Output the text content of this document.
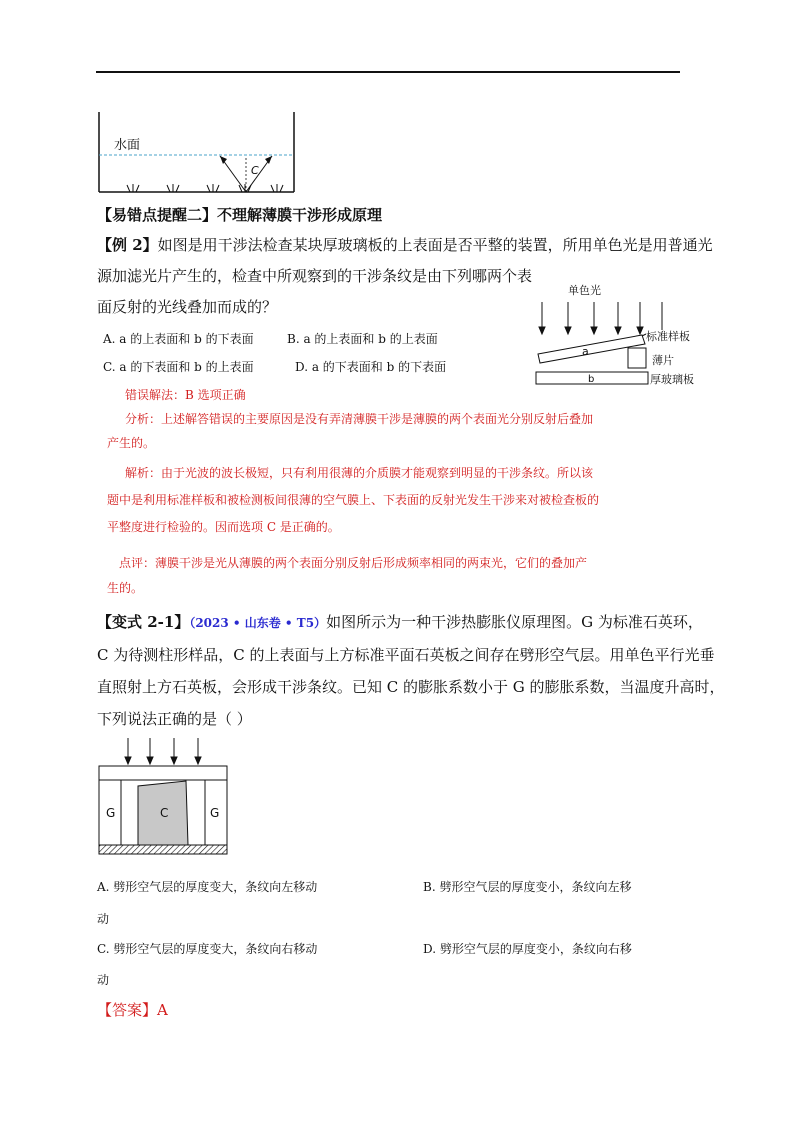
水面
C
【易错点提醒二】不理解薄膜干涉形成原理
【例 2】如图是用干涉法检查某块厚玻璃板的上表面是否平整的装置，所用单色光是用普通光
源加滤光片产生的，检查中所观察到的干涉条纹是由下列哪两个表
面反射的光线叠加而成的？
A. a 的上表面和 b 的下表面	B. a 的上表面和 b 的上表面
C. a 的下表面和 b 的上表面	D. a 的下表面和 b 的下表面
单色光
a
b
标准样板
薄片
厚玻璃板
错误解法：B 选项正确
分析：上述解答错误的主要原因是没有弄清薄膜干涉是薄膜的两个表面光分别反射后叠加
产生的。
解析：由于光波的波长极短，只有利用很薄的介质膜才能观察到明显的干涉条纹。所以该
题中是利用标准样板和被检测板间很薄的空气膜上、下表面的反射光发生干涉来对被检查板的
平整度进行检验的。因而选项 C 是正确的。
点评：薄膜干涉是光从薄膜的两个表面分别反射后形成频率相同的两束光，它们的叠加产
生的。
【变式 2-1】（2023 • 山东卷 • T5）如图所示为一种干涉热膨胀仪原理图。G 为标准石英环，
C 为待测柱形样品，C 的上表面与上方标准平面石英板之间存在劈形空气层。用单色平行光垂
直照射上方石英板，会形成干涉条纹。已知 C 的膨胀系数小于 G 的膨胀系数，当温度升高时，
下列说法正确的是（ ）
G	C	G
A. 劈形空气层的厚度变大，条纹向左移动	B. 劈形空气层的厚度变小，条纹向左移
动
C. 劈形空气层的厚度变大，条纹向右移动	D. 劈形空气层的厚度变小，条纹向右移
动
【答案】A
